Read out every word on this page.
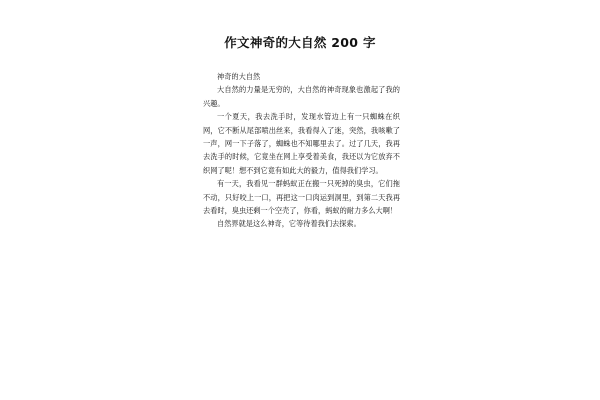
作文神奇的大自然 200 字

神奇的大自然

大自然的力量是无穷的，大自然的神奇现象也激起了我的兴趣。

一个夏天，我去洗手时，发现水管边上有一只蜘蛛在织网，它不断从尾部喷出丝来，我看得入了迷，突然，我咳嗽了一声，网一下子落了，蜘蛛也不知哪里去了。过了几天，我再去洗手的时候，它竟坐在网上享受着美食，我还以为它放弃不织网了呢！想不到它竟有如此大的毅力，值得我们学习。

有一天，我看见一群蚂蚁正在搬一只死掉的臭虫，它们拖不动，只好咬上一口，再把这一口肉运到洞里，到第二天我再去看时，臭虫还剩一个空壳了，你看，蚂蚁的耐力多么大啊！

自然界就是这么神奇，它等待着我们去探索。
